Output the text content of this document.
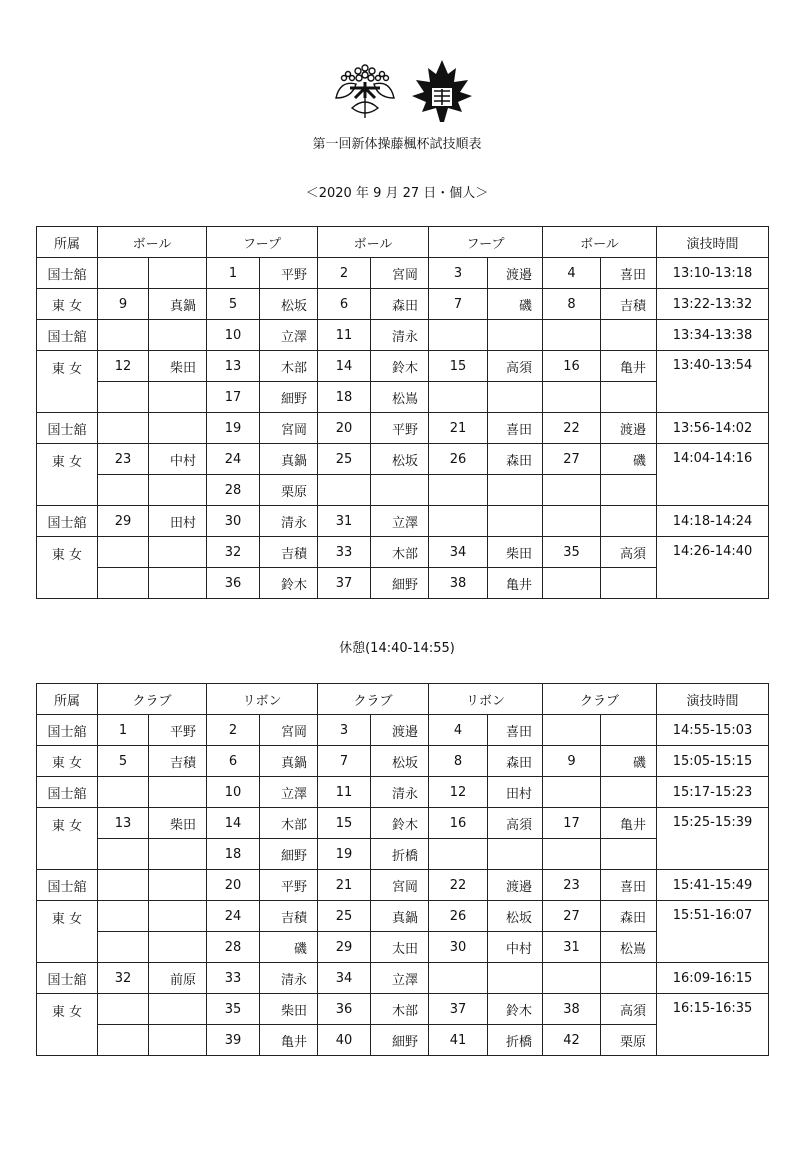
第一回新体操藤楓杯試技順表
＜2020 年 9 月 27 日・個人＞
所属	ボール		フープ		ボール		フープ		ボール		演技時間
国士舘			1	平野	2	宮岡	3	渡邉	4	喜田	13:10-13:18
東 女	9	真鍋	5	松坂	6	森田	7	磯	8	吉積	13:22-13:32
国士舘			10	立澤	11	清永					13:34-13:38
東 女	12	柴田	13	木部	14	鈴木	15	高須	16	亀井	13:40-13:54
			17	細野	18	松嶌					
国士舘			19	宮岡	20	平野	21	喜田	22	渡邉	13:56-14:02
東 女	23	中村	24	真鍋	25	松坂	26	森田	27	磯	14:04-14:16
			28	栗原							
国士舘	29	田村	30	清永	31	立澤					14:18-14:24
東 女			32	吉積	33	木部	34	柴田	35	高須	14:26-14:40
			36	鈴木	37	細野	38	亀井			
休憩(14:40-14:55)
所属	クラブ		リボン		クラブ		リボン		クラブ		演技時間
国士舘	1	平野	2	宮岡	3	渡邉	4	喜田			14:55-15:03
東 女	5	吉積	6	真鍋	7	松坂	8	森田	9	磯	15:05-15:15
国士舘			10	立澤	11	清永	12	田村			15:17-15:23
東 女	13	柴田	14	木部	15	鈴木	16	高須	17	亀井	15:25-15:39
			18	細野	19	折橋					
国士舘			20	平野	21	宮岡	22	渡邉	23	喜田	15:41-15:49
東 女			24	吉積	25	真鍋	26	松坂	27	森田	15:51-16:07
			28	磯	29	太田	30	中村	31	松嶌	
国士舘	32	前原	33	清永	34	立澤					16:09-16:15
東 女			35	柴田	36	木部	37	鈴木	38	高須	16:15-16:35
			39	亀井	40	細野	41	折橋	42	栗原	
